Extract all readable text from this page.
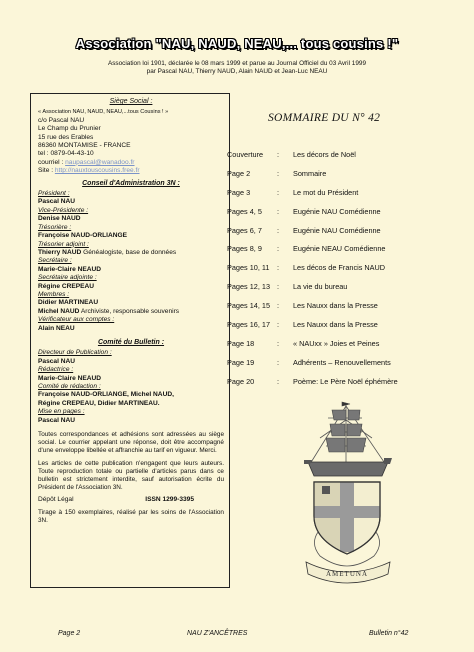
Association "NAU, NAUD, NEAU,... tous cousins !"
Association loi 1901, déclarée le 08 mars 1999 et parue au Journal Officiel du 03 Avril 1999
par Pascal NAU, Thierry NAUD, Alain NAUD et Jean-Luc NEAU
Siège Social :
« Association NAU, NAUD, NEAU,...tous Cousins ! »
c/o Pascal NAU
Le Champ du Prunier
15 rue des Erables
86360 MONTAMISE - FRANCE
tel : 0879-04-43-10
courriel : naupascal@wanadoo.fr
Site : http://nauxtouscousins.free.fr
Conseil d'Administration 3N :
Président :
Pascal NAU
Vice-Présidente :
Denise NAUD
Trésorière :
Françoise NAUD-ORLIANGE
Trésorier adjoint :
Thierry NAUD Généalogiste, base de données
Secrétaire :
Marie-Claire NEAUD
Secrétaire adjointe :
Régine CREPEAU
Membres :
Didier MARTINEAU
Michel NAUD Archiviste, responsable souvenirs
Vérificateur aux comptes :
Alain NEAU
Comité du Bulletin :
Directeur de Publication :
Pascal NAU
Rédactrice :
Marie-Claire NEAUD
Comité de rédaction :
Françoise NAUD-ORLIANGE, Michel NAUD,
Régine CREPEAU, Didier MARTINEAU.
Mise en pages :
Pascal NAU
Toutes correspondances et adhésions sont adressées au siège social. Le courrier appelant une réponse, doit être accompagné d'une enveloppe libellée et affranchie au tarif en vigueur. Merci.
Les articles de cette publication n'engagent que leurs auteurs. Toute reproduction totale ou partielle d'articles parus dans ce bulletin est strictement interdite, sauf autorisation écrite du Président de l'Association 3N.
Dépôt Légal	ISSN 1299-3395
Tirage à 150 exemplaires, réalisé par les soins de l'Association 3N.
SOMMAIRE DU N° 42
Couverture : Les décors de Noël
Page 2	: Sommaire
Page 3	: Le mot du Président
Pages 4, 5 : Eugénie NAU Comédienne
Pages 6, 7 : Eugénie NAU Comédienne
Pages 8, 9 : Eugénie NEAU Comédienne
Pages 10, 11 : Les décos de Francis NAUD
Pages 12, 13 : La vie du bureau
Pages 14, 15 : Les Nauxx dans la Presse
Pages 16, 17 : Les Nauxx dans la Presse
Page 18	: « NAUxx » Joies et Peines
Page 19	: Adhérents – Renouvellements
Page 20	: Poème: Le Père Noël éphémère
AMETUNA
Page 2	NAU Z'ANCÊTRES	Bulletin n°42
